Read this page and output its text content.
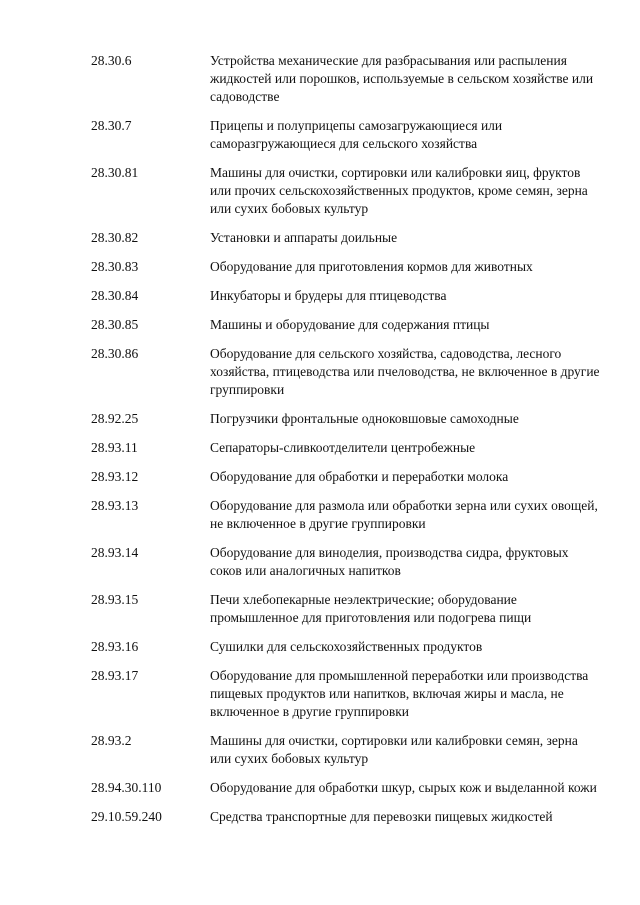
28.30.6	Устройства механические для разбрасывания или распыления жидкостей или порошков, используемые в сельском хозяйстве или садоводстве
28.30.7	Прицепы и полуприцепы самозагружающиеся или саморазгружающиеся для сельского хозяйства
28.30.81	Машины для очистки, сортировки или калибровки яиц, фруктов или прочих сельскохозяйственных продуктов, кроме семян, зерна или сухих бобовых культур
28.30.82	Установки и аппараты доильные
28.30.83	Оборудование для приготовления кормов для животных
28.30.84	Инкубаторы и брудеры для птицеводства
28.30.85	Машины и оборудование для содержания птицы
28.30.86	Оборудование для сельского хозяйства, садоводства, лесного хозяйства, птицеводства или пчеловодства, не включенное в другие группировки
28.92.25	Погрузчики фронтальные одноковшовые самоходные
28.93.11	Сепараторы-сливкоотделители центробежные
28.93.12	Оборудование для обработки и переработки молока
28.93.13	Оборудование для размола или обработки зерна или сухих овощей, не включенное в другие группировки
28.93.14	Оборудование для виноделия, производства сидра, фруктовых соков или аналогичных напитков
28.93.15	Печи хлебопекарные неэлектрические; оборудование промышленное для приготовления или подогрева пищи
28.93.16	Сушилки для сельскохозяйственных продуктов
28.93.17	Оборудование для промышленной переработки или производства пищевых продуктов или напитков, включая жиры и масла, не включенное в другие группировки
28.93.2	Машины для очистки, сортировки или калибровки семян, зерна или сухих бобовых культур
28.94.30.110	Оборудование для обработки шкур, сырых кож и выделанной кожи
29.10.59.240	Средства транспортные для перевозки пищевых жидкостей
